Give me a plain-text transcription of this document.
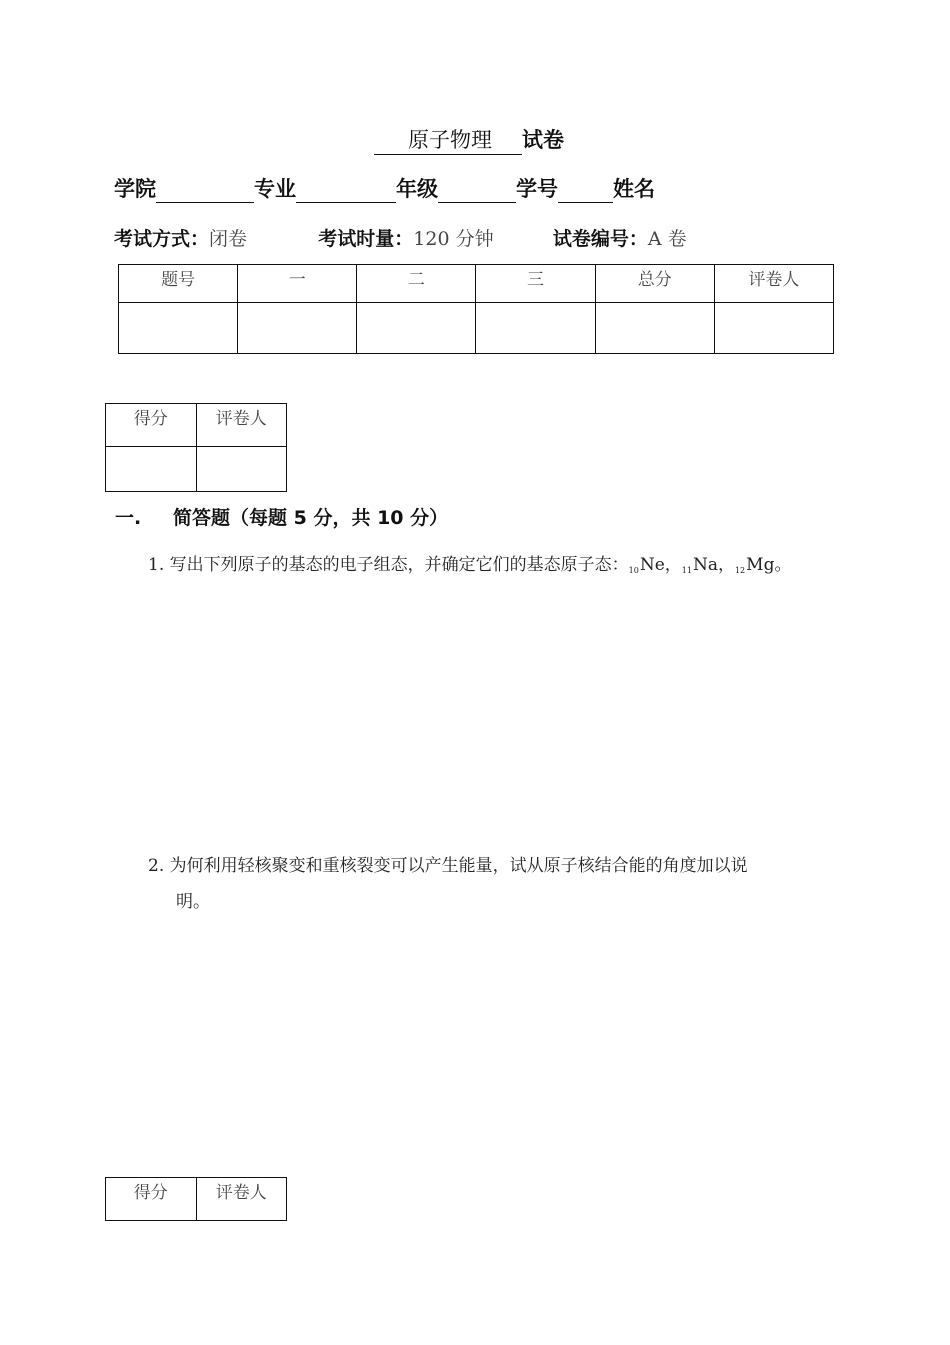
原子物理 试卷
学院	专业	年级	学号	姓名
考试方式：闭卷	考试时量：120 分钟	试卷编号：A 卷
题号	一	二	三	总分	评卷人

得分	评卷人

一. 简答题（每题 5 分，共 10 分）
1. 写出下列原子的基态的电子组态，并确定它们的基态原子态：$_{10}$Ne，$_{11}$Na，$_{12}$Mg。
2. 为何利用轻核聚变和重核裂变可以产生能量，试从原子核结合能的角度加以说
明。
得分	评卷人
